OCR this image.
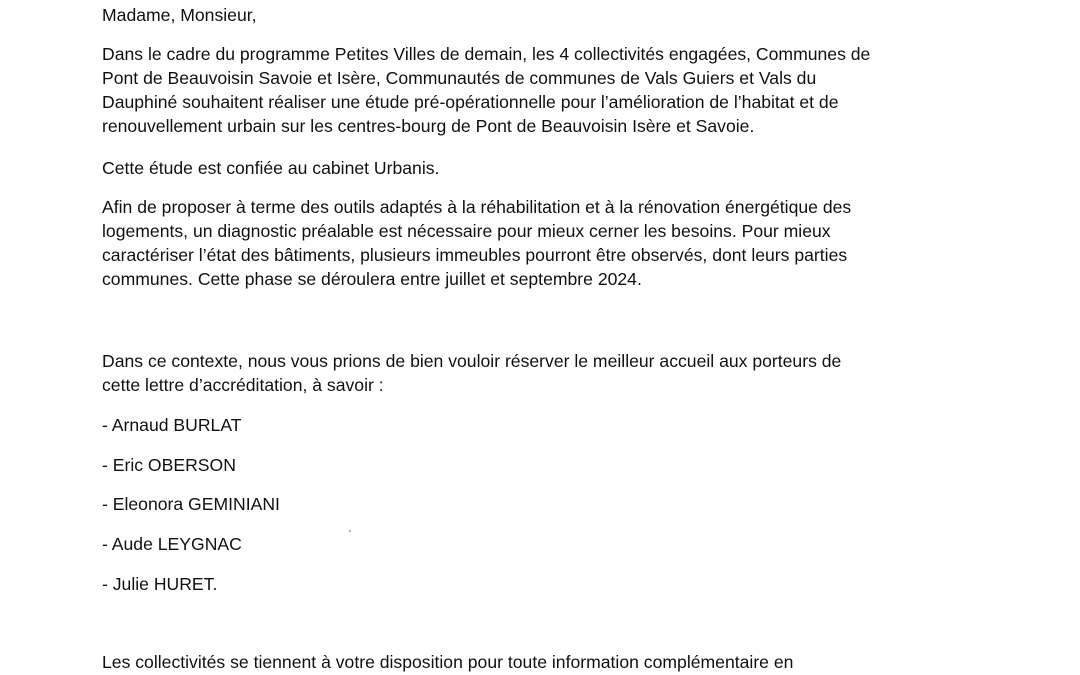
Madame, Monsieur,

Dans le cadre du programme Petites Villes de demain, les 4 collectivités engagées, Communes de
Pont de Beauvoisin Savoie et Isère, Communautés de communes de Vals Guiers et Vals du
Dauphiné souhaitent réaliser une étude pré-opérationnelle pour l’amélioration de l’habitat et de
renouvellement urbain sur les centres-bourg de Pont de Beauvoisin Isère et Savoie.

Cette étude est confiée au cabinet Urbanis.

Afin de proposer à terme des outils adaptés à la réhabilitation et à la rénovation énergétique des
logements, un diagnostic préalable est nécessaire pour mieux cerner les besoins. Pour mieux
caractériser l’état des bâtiments, plusieurs immeubles pourront être observés, dont leurs parties
communes. Cette phase se déroulera entre juillet et septembre 2024.

Dans ce contexte, nous vous prions de bien vouloir réserver le meilleur accueil aux porteurs de
cette lettre d’accréditation, à savoir :

- Arnaud BURLAT
- Eric OBERSON
- Eleonora GEMINIANI
- Aude LEYGNAC
- Julie HURET.

Les collectivités se tiennent à votre disposition pour toute information complémentaire en
